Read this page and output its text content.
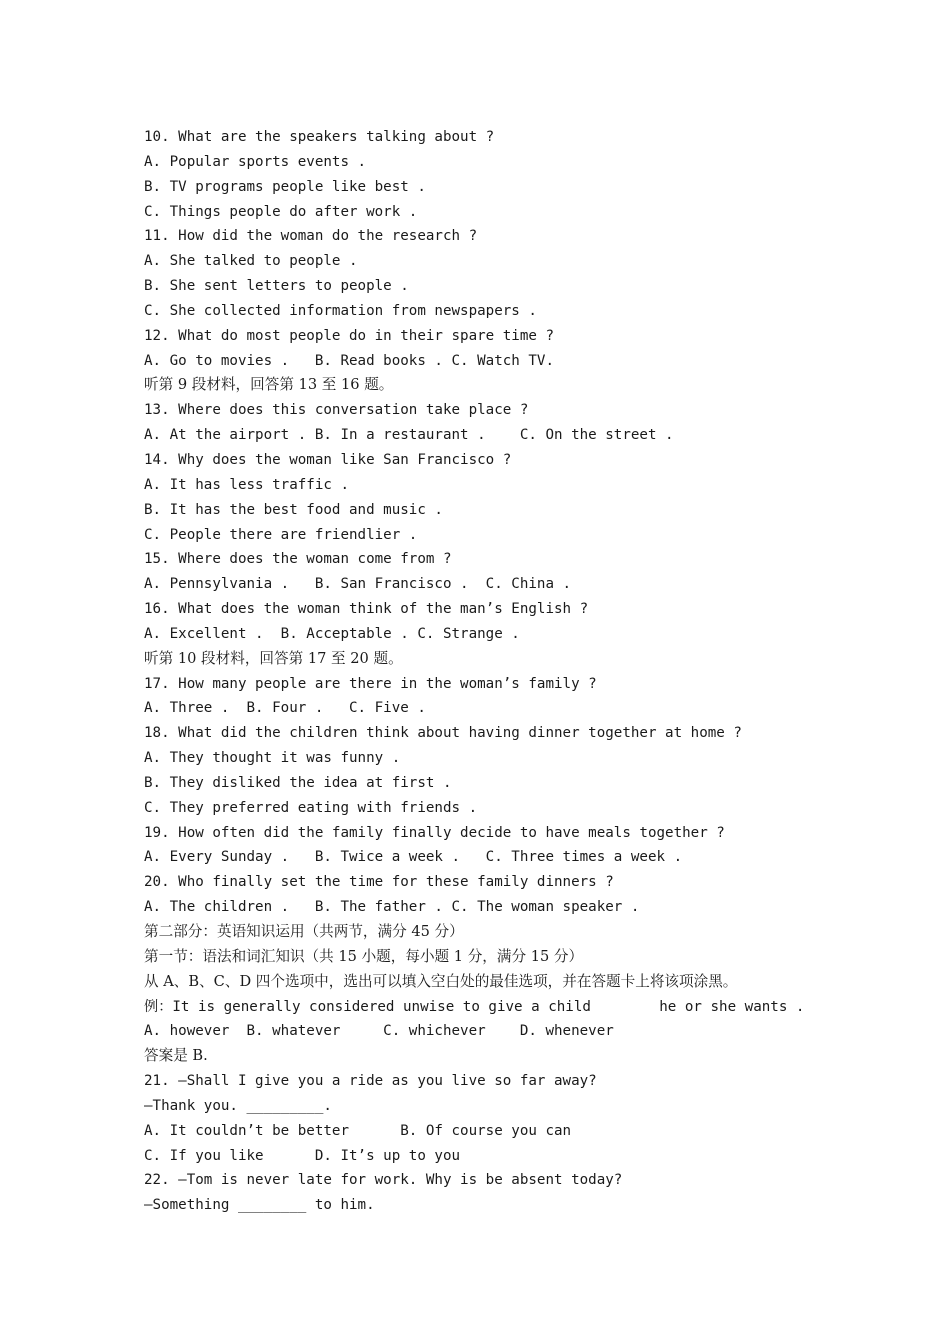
10. What are the speakers talking about ?
A. Popular sports events .
B. TV programs people like best .
C. Things people do after work .
11. How did the woman do the research ?
A. She talked to people .
B. She sent letters to people .
C. She collected information from newspapers .
12. What do most people do in their spare time ?
A. Go to movies .   B. Read books . C. Watch TV.
听第 9 段材料，回答第 13 至 16 题。
13. Where does this conversation take place ?
A. At the airport . B. In a restaurant .    C. On the street .
14. Why does the woman like San Francisco ?
A. It has less traffic .
B. It has the best food and music .
C. People there are friendlier .
15. Where does the woman come from ?
A. Pennsylvania .   B. San Francisco .  C. China .
16. What does the woman think of the man’s English ?
A. Excellent .  B. Acceptable . C. Strange .
听第 10 段材料，回答第 17 至 20 题。
17. How many people are there in the woman’s family ?
A. Three .  B. Four .   C. Five .
18. What did the children think about having dinner together at home ?
A. They thought it was funny .
B. They disliked the idea at first .
C. They preferred eating with friends .
19. How often did the family finally decide to have meals together ?
A. Every Sunday .   B. Twice a week .   C. Three times a week .
20. Who finally set the time for these family dinners ?
A. The children .   B. The father . C. The woman speaker .
第二部分：英语知识运用（共两节，满分 45 分）
第一节：语法和词汇知识（共 15 小题，每小题 1 分，满分 15 分）
从 A、B、C、D 四个选项中，选出可以填入空白处的最佳选项，并在答题卡上将该项涂黑。
例：It is generally considered unwise to give a child        he or she wants .
A. however  B. whatever     C. whichever    D. whenever
答案是 B.
21. —Shall I give you a ride as you live so far away?
—Thank you. _________.
A. It couldn’t be better      B. Of course you can
C. If you like      D. It’s up to you
22. —Tom is never late for work. Why is be absent today?
—Something ________ to him.
